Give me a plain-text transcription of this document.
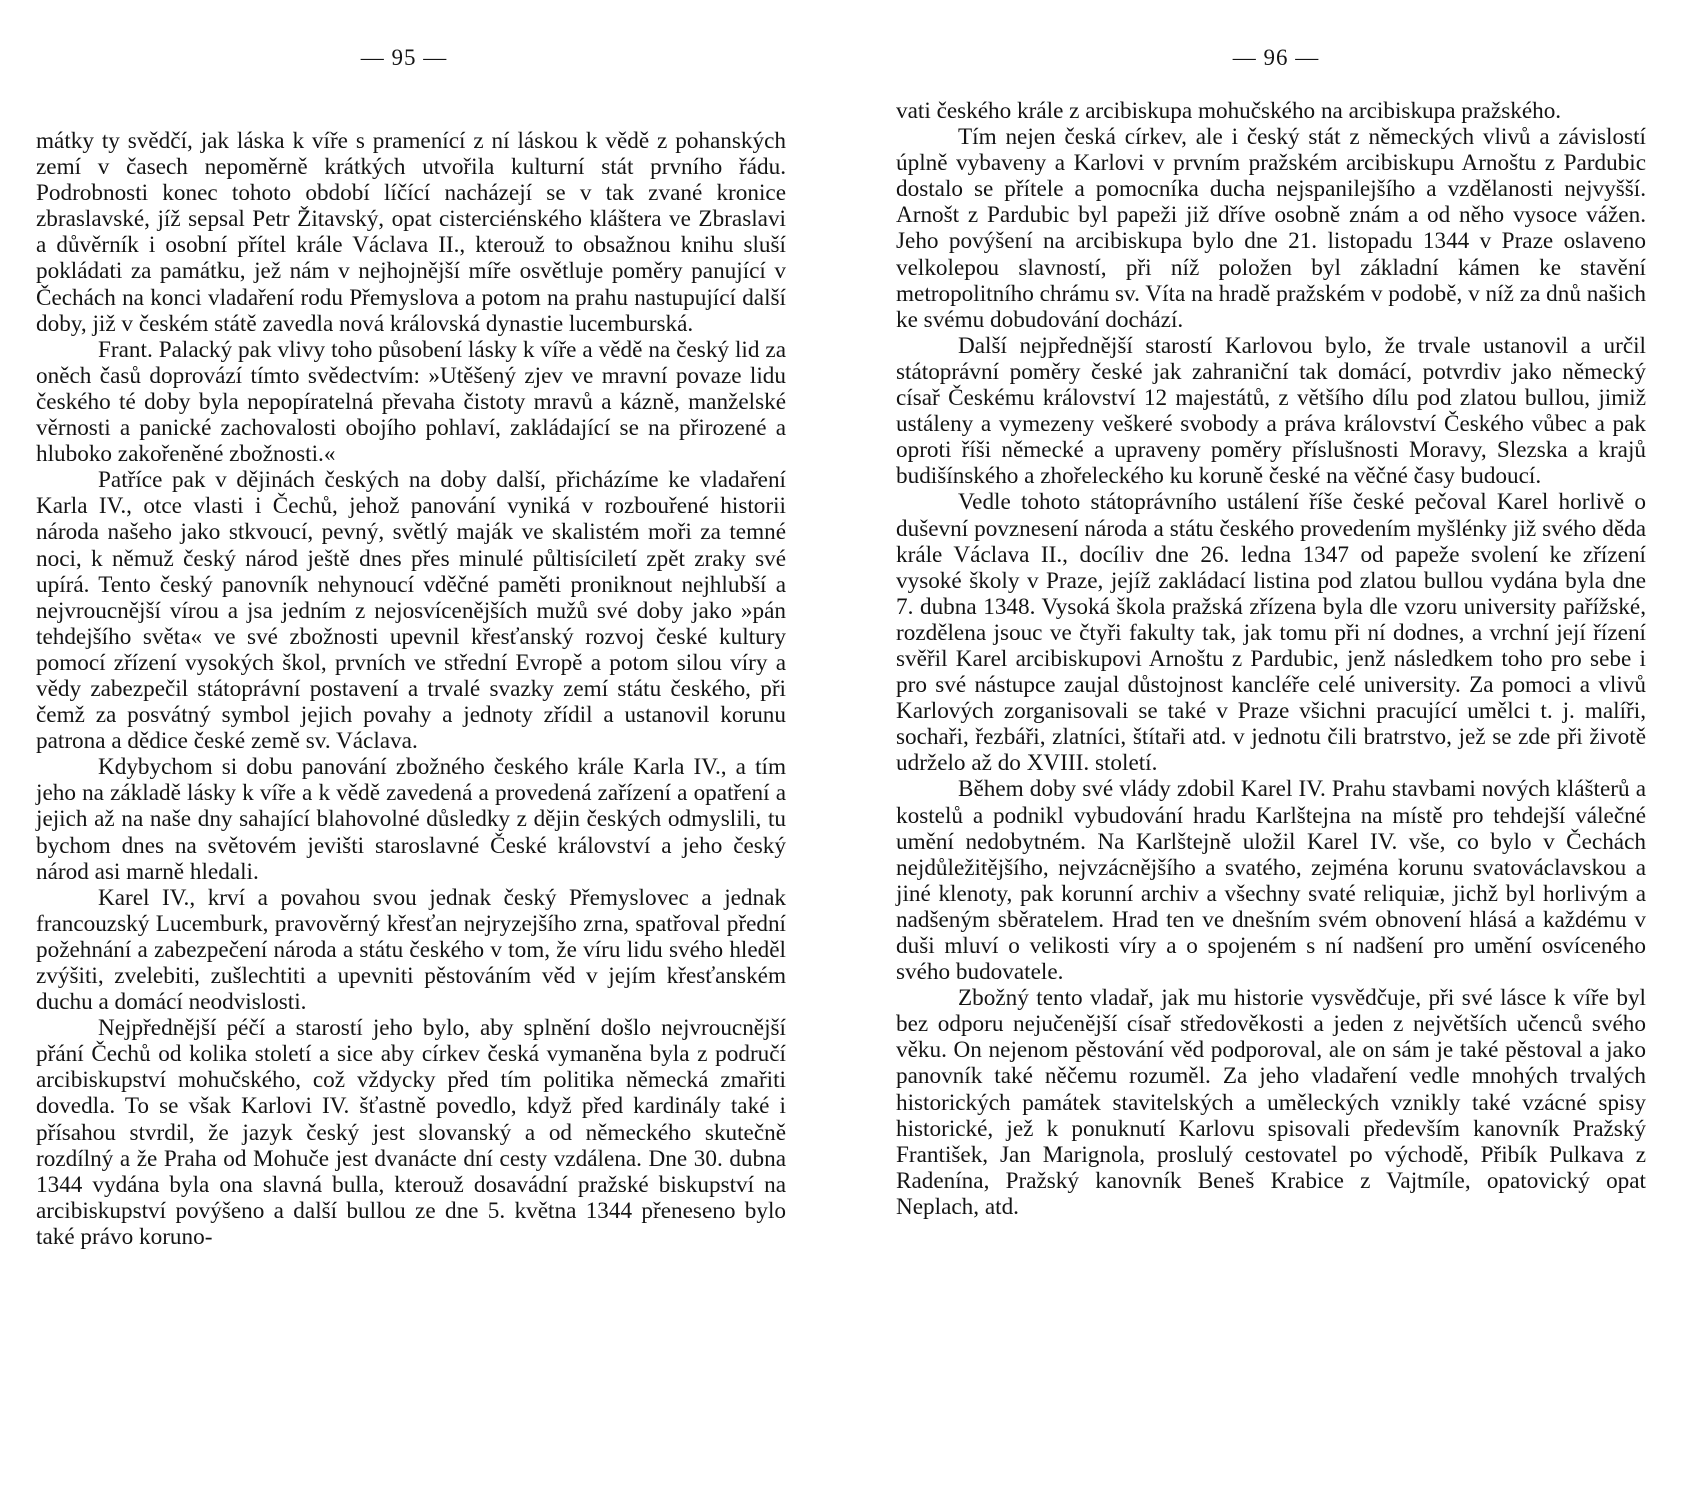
— 95 —

mátky ty svědčí, jak láska k víře s pramenící z ní láskou k vědě z pohanských zemí v časech nepoměrně krátkých utvořila kulturní stát prvního řádu. Podrobnosti konec tohoto období líčící nacházejí se v tak zvané kronice zbraslavské, jíž sepsal Petr Žitavský, opat cisterciénského kláštera ve Zbraslavi a důvěrník i osobní přítel krále Václava II., kterouž to obsažnou knihu sluší pokládati za památku, jež nám v nejhojnější míře osvětluje poměry panující v Čechách na konci vladaření rodu Přemyslova a potom na prahu nastupující další doby, již v českém státě zavedla nová královská dynastie lucemburská.

Frant. Palacký pak vlivy toho působení lásky k víře a vědě na český lid za oněch časů doprovází tímto svědectvím: »Utěšený zjev ve mravní povaze lidu českého té doby byla nepopíratelná převaha čistoty mravů a kázně, manželské věrnosti a panické zachovalosti obojího pohlaví, zakládající se na přirozené a hluboko zakořeněné zbožnosti.«

Patříce pak v dějinách českých na doby další, přicházíme ke vladaření Karla IV., otce vlasti i Čechů, jehož panování vyniká v rozbouřené historii národa našeho jako stkvoucí, pevný, světlý maják ve skalistém moři za temné noci, k němuž český národ ještě dnes přes minulé půltisíciletí zpět zraky své upírá. Tento český panovník nehynoucí vděčné paměti proniknout nejhlubší a nejvroucnější vírou a jsa jedním z nejosvícenějších mužů své doby jako »pán tehdejšího světa« ve své zbožnosti upevnil křesťanský rozvoj české kultury pomocí zřízení vysokých škol, prvních ve střední Evropě a potom silou víry a vědy zabezpečil státoprávní postavení a trvalé svazky zemí státu českého, při čemž za posvátný symbol jejich povahy a jednoty zřídil a ustanovil korunu patrona a dědice české země sv. Václava.

Kdybychom si dobu panování zbožného českého krále Karla IV., a tím jeho na základě lásky k víře a k vědě zavedená a provedená zařízení a opatření a jejich až na naše dny sahající blahovolné důsledky z dějin českých odmyslili, tu bychom dnes na světovém jevišti staroslavné České království a jeho český národ asi marně hledali.

Karel IV., krví a povahou svou jednak český Přemyslovec a jednak francouzský Lucemburk, pravověrný křesťan nejryzejšího zrna, spatřoval přední požehnání a zabezpečení národa a státu českého v tom, že víru lidu svého hleděl zvýšiti, zvelebiti, zušlechtiti a upevniti pěstováním věd v jejím křesťanském duchu a domácí neodvislosti.

Nejpřednější péčí a starostí jeho bylo, aby splnění došlo nejvroucnější přání Čechů od kolika století a sice aby církev česká vymaněna byla z područí arcibiskupství mohučského, což vždycky před tím politika německá zmařiti dovedla. To se však Karlovi IV. šťastně povedlo, když před kardinály také i přísahou stvrdil, že jazyk český jest slovanský a od německého skutečně rozdílný a že Praha od Mohuče jest dvanácte dní cesty vzdálena. Dne 30. dubna 1344 vydána byla ona slavná bulla, kterouž dosavádní pražské biskupství na arcibiskupství povýšeno a další bullou ze dne 5. května 1344 přeneseno bylo také právo koruno-

— 96 —

vati českého krále z arcibiskupa mohučského na arcibiskupa pražského.

Tím nejen česká církev, ale i český stát z německých vlivů a závislostí úplně vybaveny a Karlovi v prvním pražském arcibiskupu Arnoštu z Pardubic dostalo se přítele a pomocníka ducha nejspanilejšího a vzdělanosti nejvyšší. Arnošt z Pardubic byl papeži již dříve osobně znám a od něho vysoce vážen. Jeho povýšení na arcibiskupa bylo dne 21. listopadu 1344 v Praze oslaveno velkolepou slavností, při níž položen byl základní kámen ke stavění metropolitního chrámu sv. Víta na hradě pražském v podobě, v níž za dnů našich ke svému dobudování dochází.

Další nejpřednější starostí Karlovou bylo, že trvale ustanovil a určil státoprávní poměry české jak zahraniční tak domácí, potvrdiv jako německý císař Českému království 12 majestátů, z většího dílu pod zlatou bullou, jimiž ustáleny a vymezeny veškeré svobody a práva království Českého vůbec a pak oproti říši německé a upraveny poměry příslušnosti Moravy, Slezska a krajů budišínského a zhořeleckého ku koruně české na věčné časy budoucí.

Vedle tohoto státoprávního ustálení říše české pečoval Karel horlivě o duševní povznesení národa a státu českého provedením myšlénky již svého děda krále Václava II., docíliv dne 26. ledna 1347 od papeže svolení ke zřízení vysoké školy v Praze, jejíž zakládací listina pod zlatou bullou vydána byla dne 7. dubna 1348. Vysoká škola pražská zřízena byla dle vzoru university pařížské, rozdělena jsouc ve čtyři fakulty tak, jak tomu při ní dodnes, a vrchní její řízení svěřil Karel arcibiskupovi Arnoštu z Pardubic, jenž následkem toho pro sebe i pro své nástupce zaujal důstojnost kancléře celé university. Za pomoci a vlivů Karlových zorganisovali se také v Praze všichni pracující umělci t. j. malíři, sochaři, řezbáři, zlatníci, štítaři atd. v jednotu čili bratrstvo, jež se zde při životě udrželo až do XVIII. století.

Během doby své vlády zdobil Karel IV. Prahu stavbami nových klášterů a kostelů a podnikl vybudování hradu Karlštejna na místě pro tehdejší válečné umění nedobytném. Na Karlštejně uložil Karel IV. vše, co bylo v Čechách nejdůležitějšího, nejvzácnějšího a svatého, zejména korunu svatováclavskou a jiné klenoty, pak korunní archiv a všechny svaté reliquiæ, jichž byl horlivým a nadšeným sběratelem. Hrad ten ve dnešním svém obnovení hlásá a každému v duši mluví o velikosti víry a o spojeném s ní nadšení pro umění osvíceného svého budovatele.

Zbožný tento vladař, jak mu historie vysvědčuje, při své lásce k víře byl bez odporu nejučenější císař středověkosti a jeden z největších učenců svého věku. On nejenom pěstování věd podporoval, ale on sám je také pěstoval a jako panovník také něčemu rozuměl. Za jeho vladaření vedle mnohých trvalých historických památek stavitelských a uměleckých vznikly také vzácné spisy historické, jež k ponuknutí Karlovu spisovali především kanovník Pražský František, Jan Marignola, proslulý cestovatel po východě, Přibík Pulkava z Radenína, Pražský kanovník Beneš Krabice z Vajtmíle, opatovický opat Neplach, atd.
